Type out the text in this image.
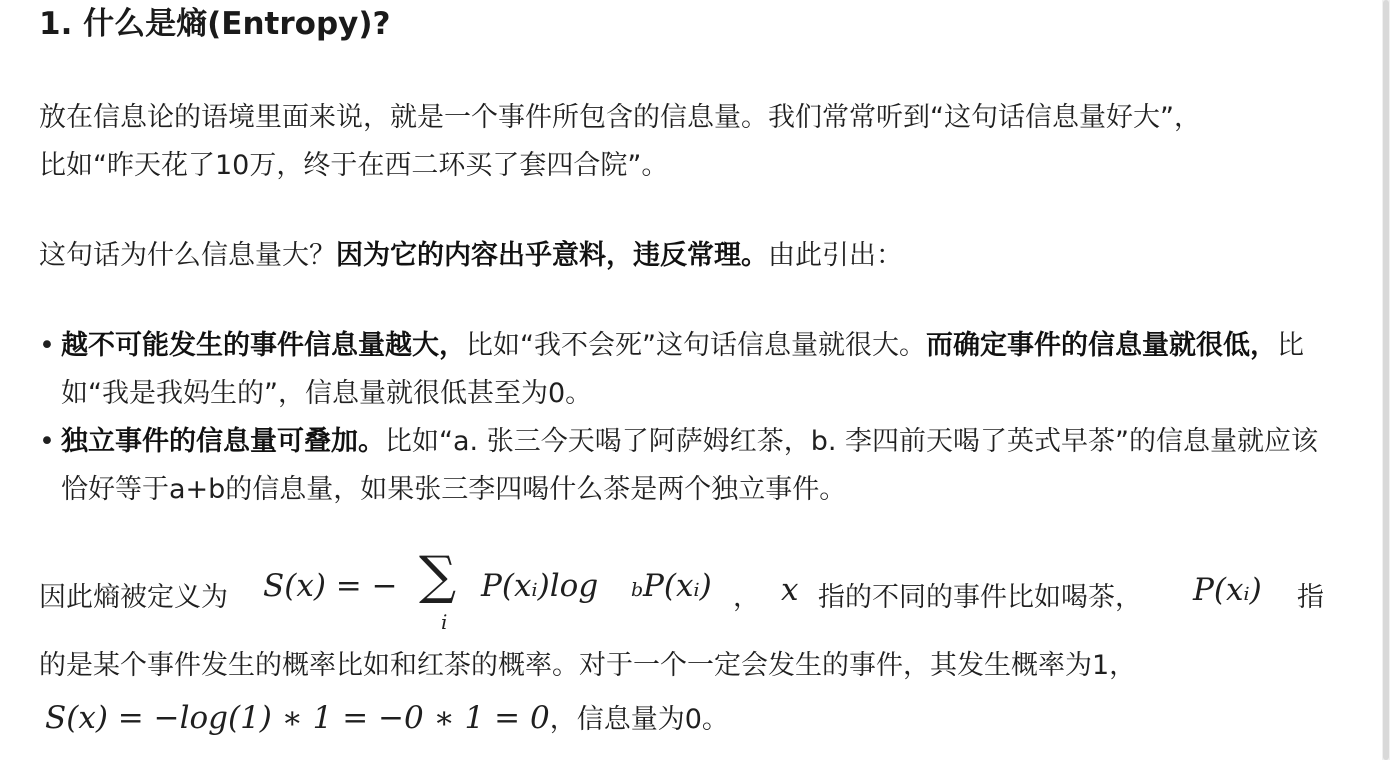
1. 什么是熵(Entropy)?

放在信息论的语境里面来说，就是一个事件所包含的信息量。我们常常听到“这句话信息量好大”，
比如“昨天花了10万，终于在西二环买了套四合院”。

这句话为什么信息量大？因为它的内容出乎意料，违反常理。由此引出：

• 越不可能发生的事件信息量越大，比如“我不会死”这句话信息量就很大。而确定事件的信息量就很低，比如“我是我妈生的”，信息量就很低甚至为0。
• 独立事件的信息量可叠加。比如“a. 张三今天喝了阿萨姆红茶，b. 李四前天喝了英式早茶”的信息量就应该恰好等于a+b的信息量，如果张三李四喝什么茶是两个独立事件。
因此熵被定义为 S(x) = − ∑
i
P(xᵢ)log b P(xᵢ) ， x 指的不同的事件比如喝茶， P(xᵢ) 指

的是某个事件发生的概率比如和红茶的概率。对于一个一定会发生的事件，其发生概率为1，

S(x) = −log(1) ∗ 1 = −0 ∗ 1 = 0，信息量为0。
